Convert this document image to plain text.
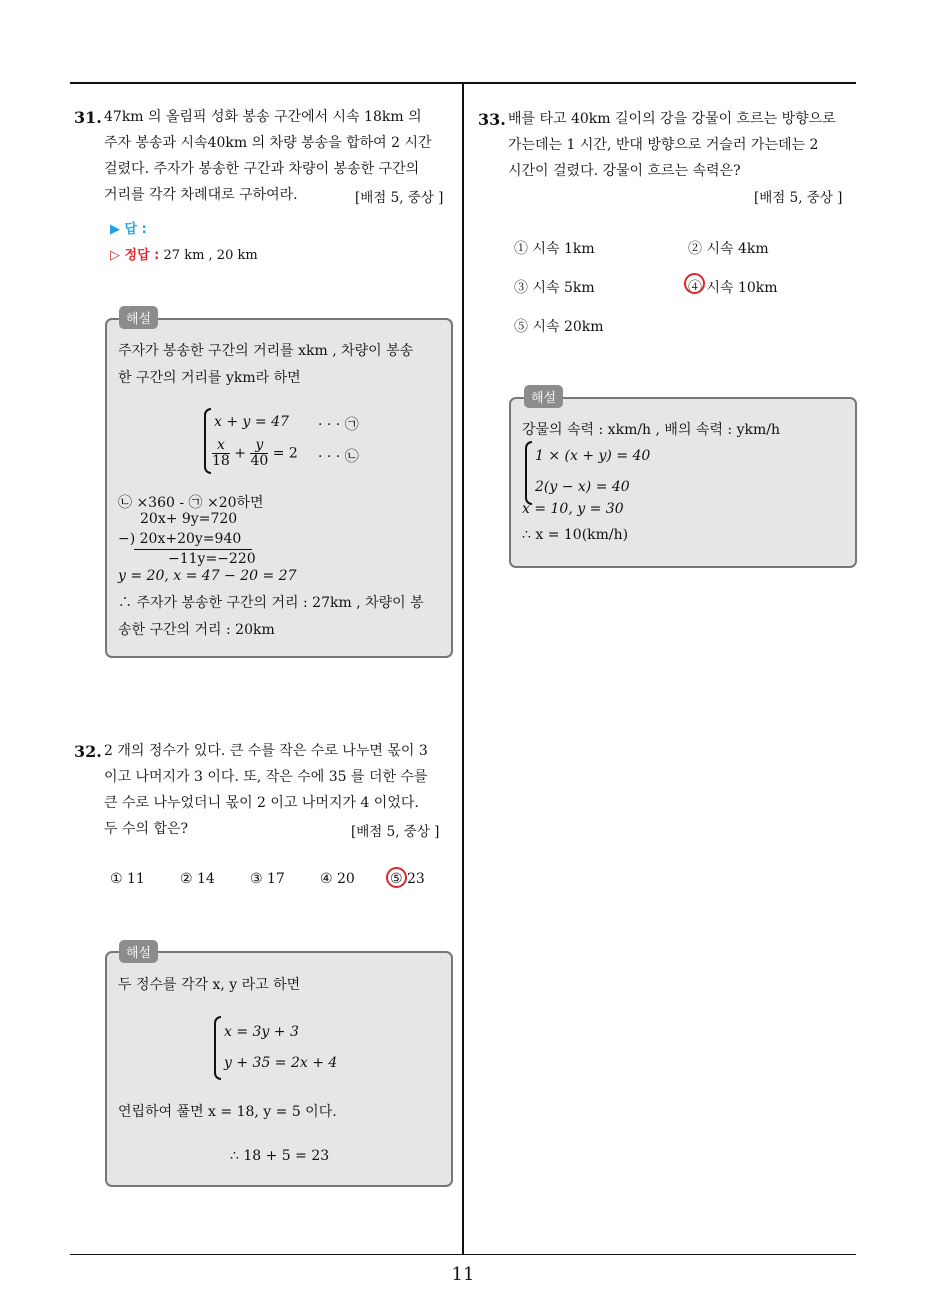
31. 47km 의 올림픽 성화 봉송 구간에서 시속 18km 의
주자 봉송과 시속40km 의 차량 봉송을 합하여 2 시간
걸렸다. 주자가 봉송한 구간과 차량이 봉송한 구간의
거리를 각각 차례대로 구하여라.	[배점 5, 중상 ]
▶ 답 :
▷ 정답 : 27 km , 20 km
해설
주자가 봉송한 구간의 거리를 xkm , 차량이 봉송
한 구간의 거리를 ykm라 하면
x + y = 47 · · · ㉠
$\frac{x}{18} + \frac{y}{40} = 2$ · · · ㉡
㉡ ×360 - ㉠ ×20하면
20x+ 9y=720
−) 20x+20y=940
−11y=−220
y = 20, x = 47 − 20 = 27
∴ 주자가 봉송한 구간의 거리 : 27km , 차량이 봉
송한 구간의 거리 : 20km
32. 2 개의 정수가 있다. 큰 수를 작은 수로 나누면 몫이 3
이고 나머지가 3 이다. 또, 작은 수에 35 를 더한 수를
큰 수로 나누었더니 몫이 2 이고 나머지가 4 이었다.
두 수의 합은?	[배점 5, 중상 ]
① 11	② 14	③ 17	④ 20	⑤ 23
해설
두 정수를 각각 x, y 라고 하면
x = 3y + 3
y + 35 = 2x + 4
연립하여 풀면 x = 18, y = 5 이다.
∴ 18 + 5 = 23
33. 배를 타고 40km 길이의 강을 강물이 흐르는 방향으로
가는데는 1 시간, 반대 방향으로 거슬러 가는데는 2
시간이 걸렸다. 강물이 흐르는 속력은?
[배점 5, 중상 ]
① 시속 1km	② 시속 4km
③ 시속 5km	④ 시속 10km
⑤ 시속 20km
해설
강물의 속력 : xkm/h , 배의 속력 : ykm/h
1 × (x + y) = 40
2(y − x) = 40
x = 10, y = 30
∴ x = 10(km/h)
11
